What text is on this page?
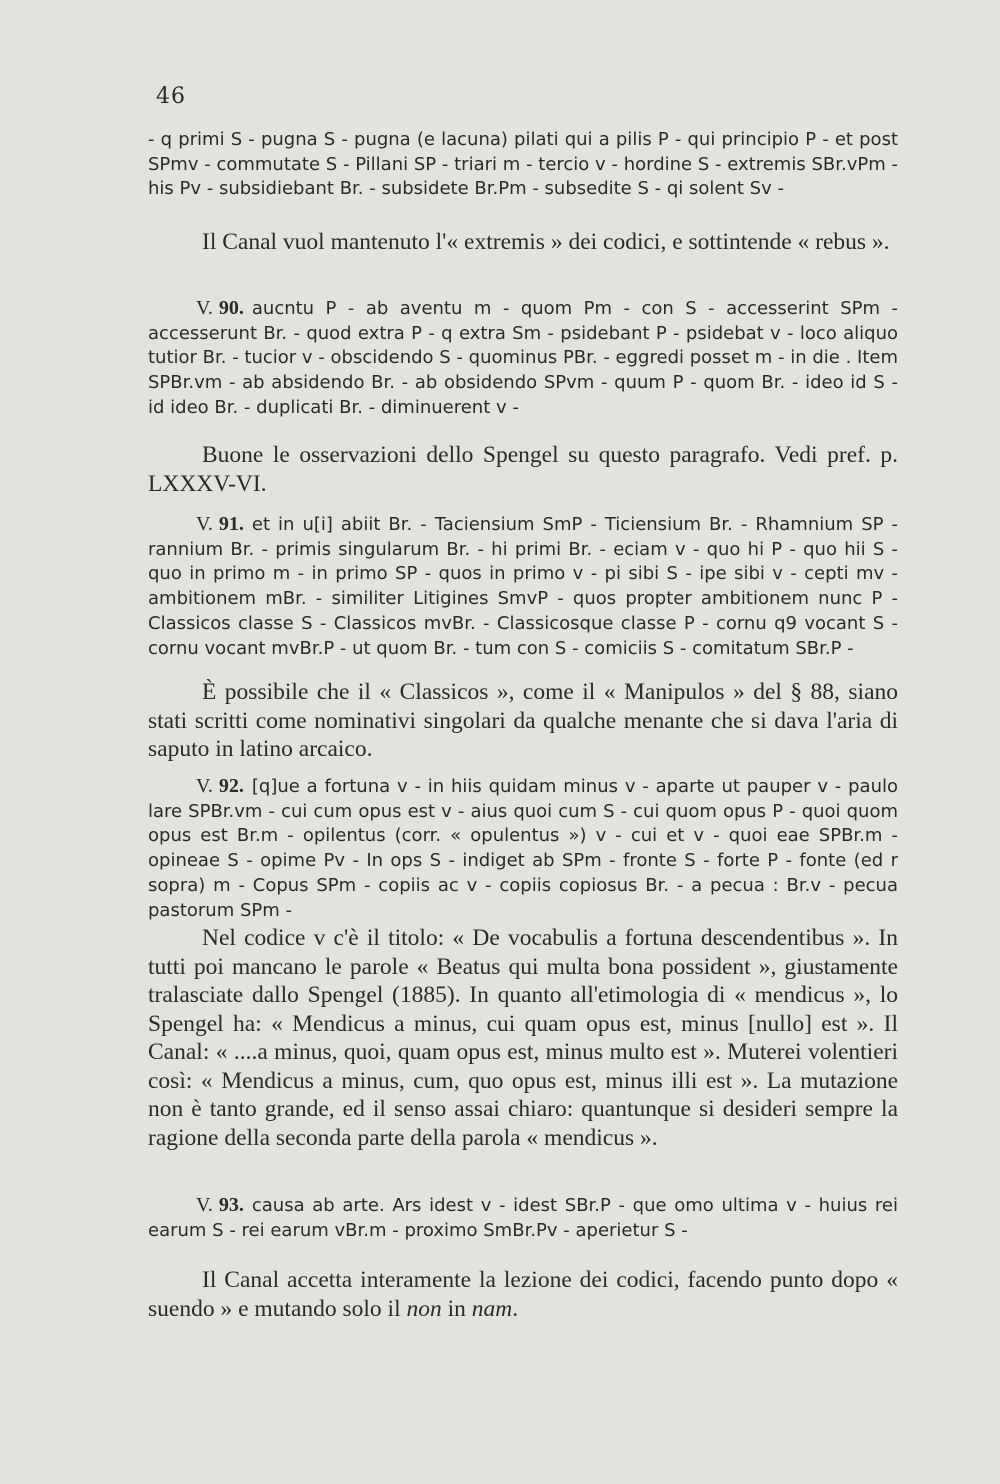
46

- q primi S - pugna S - pugna (e lacuna) pilati qui a pilis P - qui principio P - et post SPmv - commutate S - Pillani SP - triari m - tercio v - hordine S - extremis SBr.vPm - his Pv - subsidiebant Br. - subsidete Br.Pm - subsedite S - qi solent Sv -

Il Canal vuol mantenuto l'« extremis » dei codici, e sottintende « rebus ».

V. 90. aucntu P - ab aventu m - quom Pm - con S - accesserint SPm - accesserunt Br. - quod extra P - q extra Sm - psidebant P - psidebat v - loco aliquo tutior Br. - tucior v - obscidendo S - quominus PBr. - eggredi posset m - in die . Item SPBr.vm - ab absidendo Br. - ab obsidendo SPvm - quum P - quom Br. - ideo id S - id ideo Br. - duplicati Br. - diminuerent v -

Buone le osservazioni dello Spengel su questo paragrafo. Vedi pref. p. LXXXV-VI.

V. 91. et in u[i] abiit Br. - Taciensium SmP - Ticiensium Br. - Rhamnium SP - rannium Br. - primis singularum Br. - hi primi Br. - eciam v - quo hi P - quo hii S - quo in primo m - in primo SP - quos in primo v - pi sibi S - ipe sibi v - cepti mv - ambitionem mBr. - similiter Litigines SmvP - quos propter ambitionem nunc P - Classicos classe S - Classicos mvBr. - Classicosque classe P - cornu q9 vocant S - cornu vocant mvBr.P - ut quom Br. - tum con S - comiciis S - comitatum SBr.P -

È possibile che il « Classicos », come il « Manipulos » del § 88, siano stati scritti come nominativi singolari da qualche menante che si dava l'aria di saputo in latino arcaico.

V. 92. [q]ue a fortuna v - in hiis quidam minus v - aparte ut pauper v - paulo lare SPBr.vm - cui cum opus est v - aius quoi cum S - cui quom opus P - quoi quom opus est Br.m - opilentus (corr. « opulentus ») v - cui et v - quoi eae SPBr.m - opineae S - opime Pv - In ops S - indiget ab SPm - fronte S - forte P - fonte (ed r sopra) m - Copus SPm - copiis ac v - copiis copiosus Br. - a pecua : Br.v - pecua pastorum SPm -

Nel codice v c'è il titolo: « De vocabulis a fortuna descendentibus ». In tutti poi mancano le parole « Beatus qui multa bona possident », giustamente tralasciate dallo Spengel (1885). In quanto all'etimologia di « mendicus », lo Spengel ha: « Mendicus a minus, cui quam opus est, minus [nullo] est ». Il Canal: « ....a minus, quoi, quam opus est, minus multo est ». Muterei volentieri così: « Mendicus a minus, cum, quo opus est, minus illi est ». La mutazione non è tanto grande, ed il senso assai chiaro: quantunque si desideri sempre la ragione della seconda parte della parola « mendicus ».

V. 93. causa ab arte. Ars idest v - idest SBr.P - que omo ultima v - huius rei earum S - rei earum vBr.m - proximo SmBr.Pv - aperietur S -

Il Canal accetta interamente la lezione dei codici, facendo punto dopo « suendo » e mutando solo il non in nam.
